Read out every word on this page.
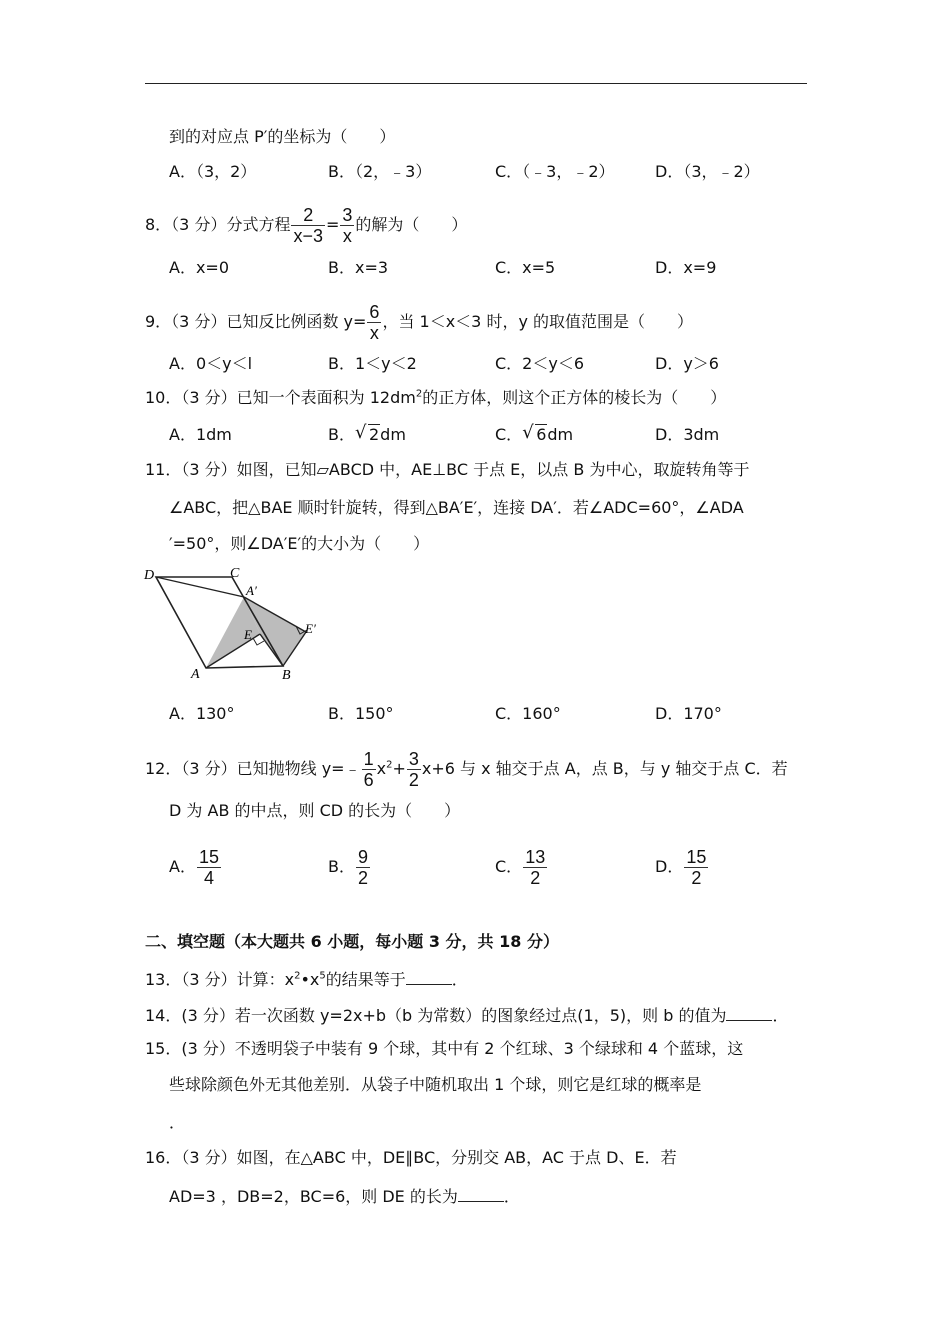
到的对应点 P′的坐标为（　　）
A．（3，2）	B．（2，﹣3）	C．（﹣3，﹣2）	D．（3，﹣2）
8．（3 分）分式方程 $\frac{2}{x-3} = \frac{3}{x}$ 的解为（　　）
A．x=0	B．x=3	C．x=5	D．x=9
9．（3 分）已知反比例函数 $y= \frac{6}{x}$ ，当 1＜x＜3 时，y 的取值范围是（　　）
A．0＜y＜l	B．1＜y＜2	C．2＜y＜6	D．y＞6
10．（3 分）已知一个表面积为 $12dm^2$的正方体，则这个正方体的棱长为（　　）
A．1dm	B． √ 2dm	C． √ 6dm	D．3dm
11．（3 分）如图，已知▱ABCD 中，AE⊥BC 于点 E，以点 B 为中心，取旋转角等于
∠ABC，把△BAE 顺时针旋转，得到△BA′E′，连接 DA′．若∠ADC=60°，∠ADA
′=50°，则∠DA′E′的大小为（　　）
D	C
A′
E	E′
A	B
A．130°	B．150°	C．160°	D．170°
12．（3 分）已知抛物线 y=﹣ $\frac{1}{6} x^2+ \frac{3}{2} x+6$ 与 x 轴交于点 A，点 B，与 y 轴交于点 C．若
D 为 AB 的中点，则 CD 的长为（　　）
A． $\frac{15}{4}$	B． $\frac{9}{2}$	C． $\frac{13}{2}$	D． $\frac{15}{2}$
二、填空题（本大题共 6 小题，每小题 3 分，共 18 分）
13．（3 分）计算：$x^2•x^5$的结果等于	．
14．(3 分）若一次函数 y=2x+b（b 为常数）的图象经过点(1，5)，则 b 的值为	．
15．(3 分）不透明袋子中装有 9 个球，其中有 2 个红球、3 个绿球和 4 个蓝球，这
些球除颜色外无其他差别．从袋子中随机取出 1 个球，则它是红球的概率是
．
16．（3 分）如图，在△ABC 中，DE∥BC，分别交 AB，AC 于点 D、E．若
AD=3 ，DB=2，BC=6，则 DE 的长为	．
